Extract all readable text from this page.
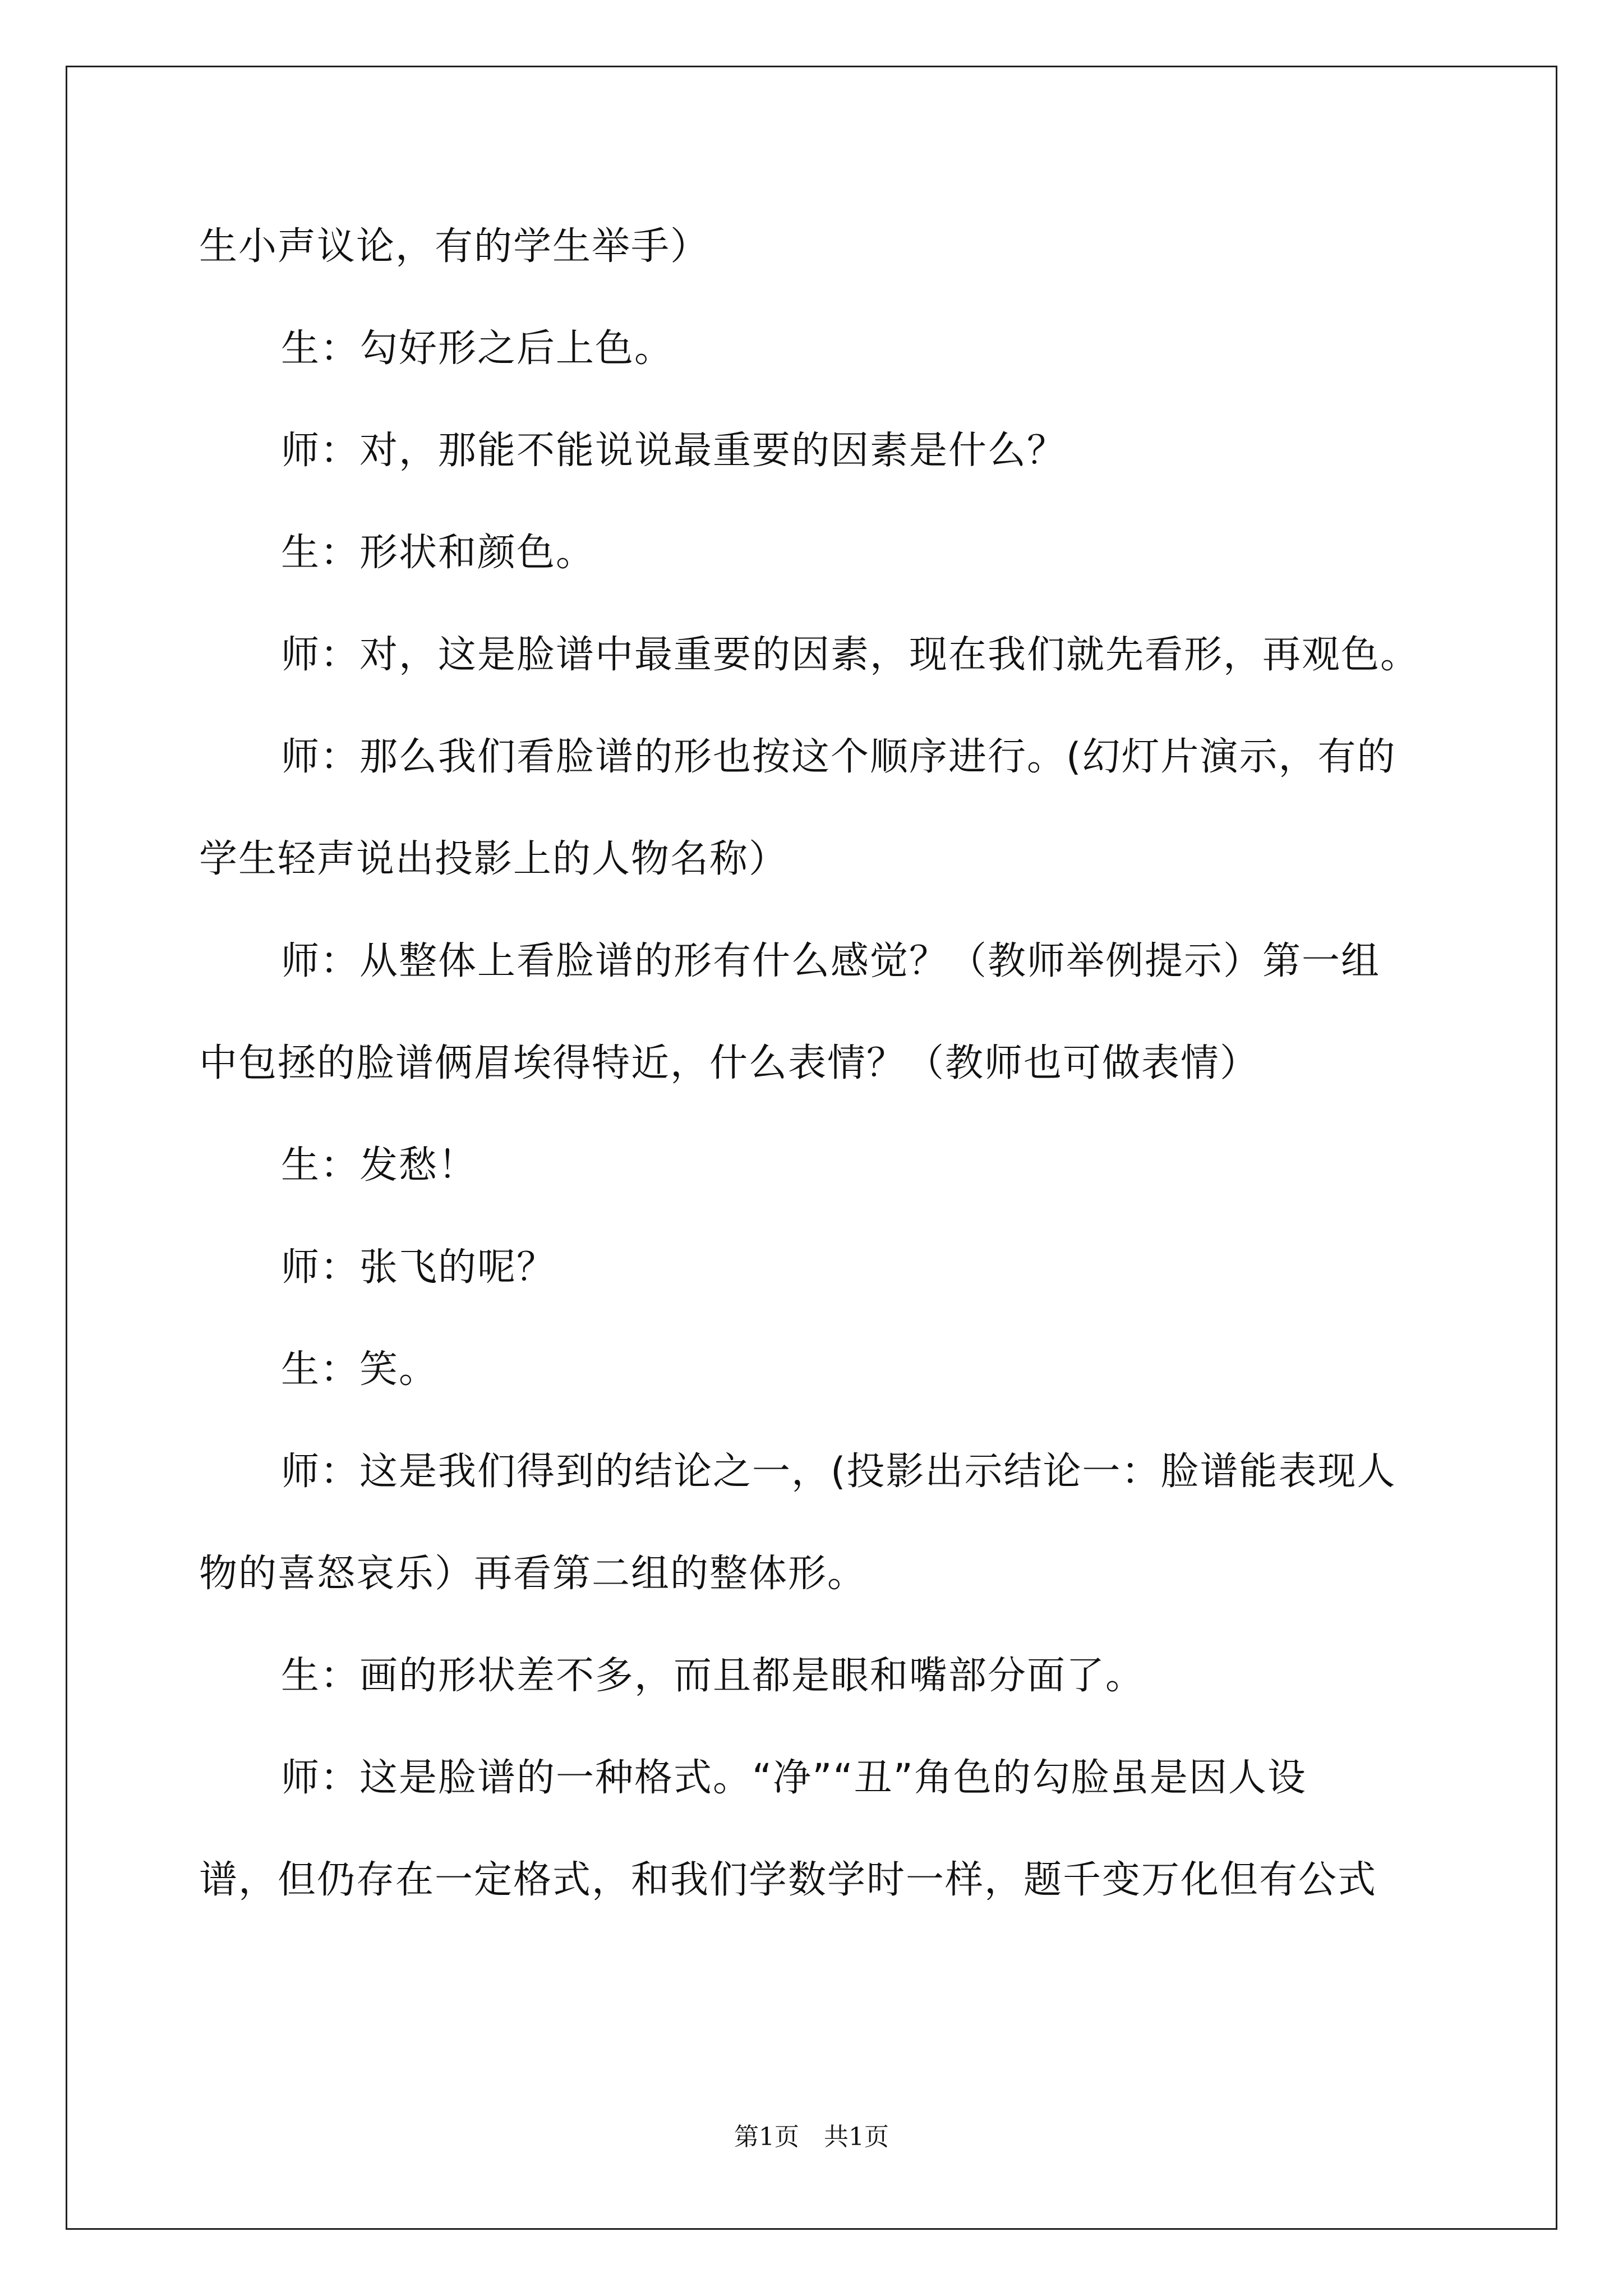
生小声议论，有的学生举手）
生：勾好形之后上色。
师：对，那能不能说说最重要的因素是什么？
生：形状和颜色。
师：对，这是脸谱中最重要的因素，现在我们就先看形，再观色。
师：那么我们看脸谱的形也按这个顺序进行。(幻灯片演示，有的
学生轻声说出投影上的人物名称）
师：从整体上看脸谱的形有什么感觉？（教师举例提示）第一组
中包拯的脸谱俩眉埃得特近，什么表情？（教师也可做表情）
生：发愁！
师：张飞的呢？
生：笑。
师：这是我们得到的结论之一，(投影出示结论一：脸谱能表现人
物的喜怒哀乐）再看第二组的整体形。
生：画的形状差不多，而且都是眼和嘴部分面了。
师：这是脸谱的一种格式。“净”“丑”角色的勾脸虽是因人设
谱，但仍存在一定格式，和我们学数学时一样，题千变万化但有公式
第1页　共1页
